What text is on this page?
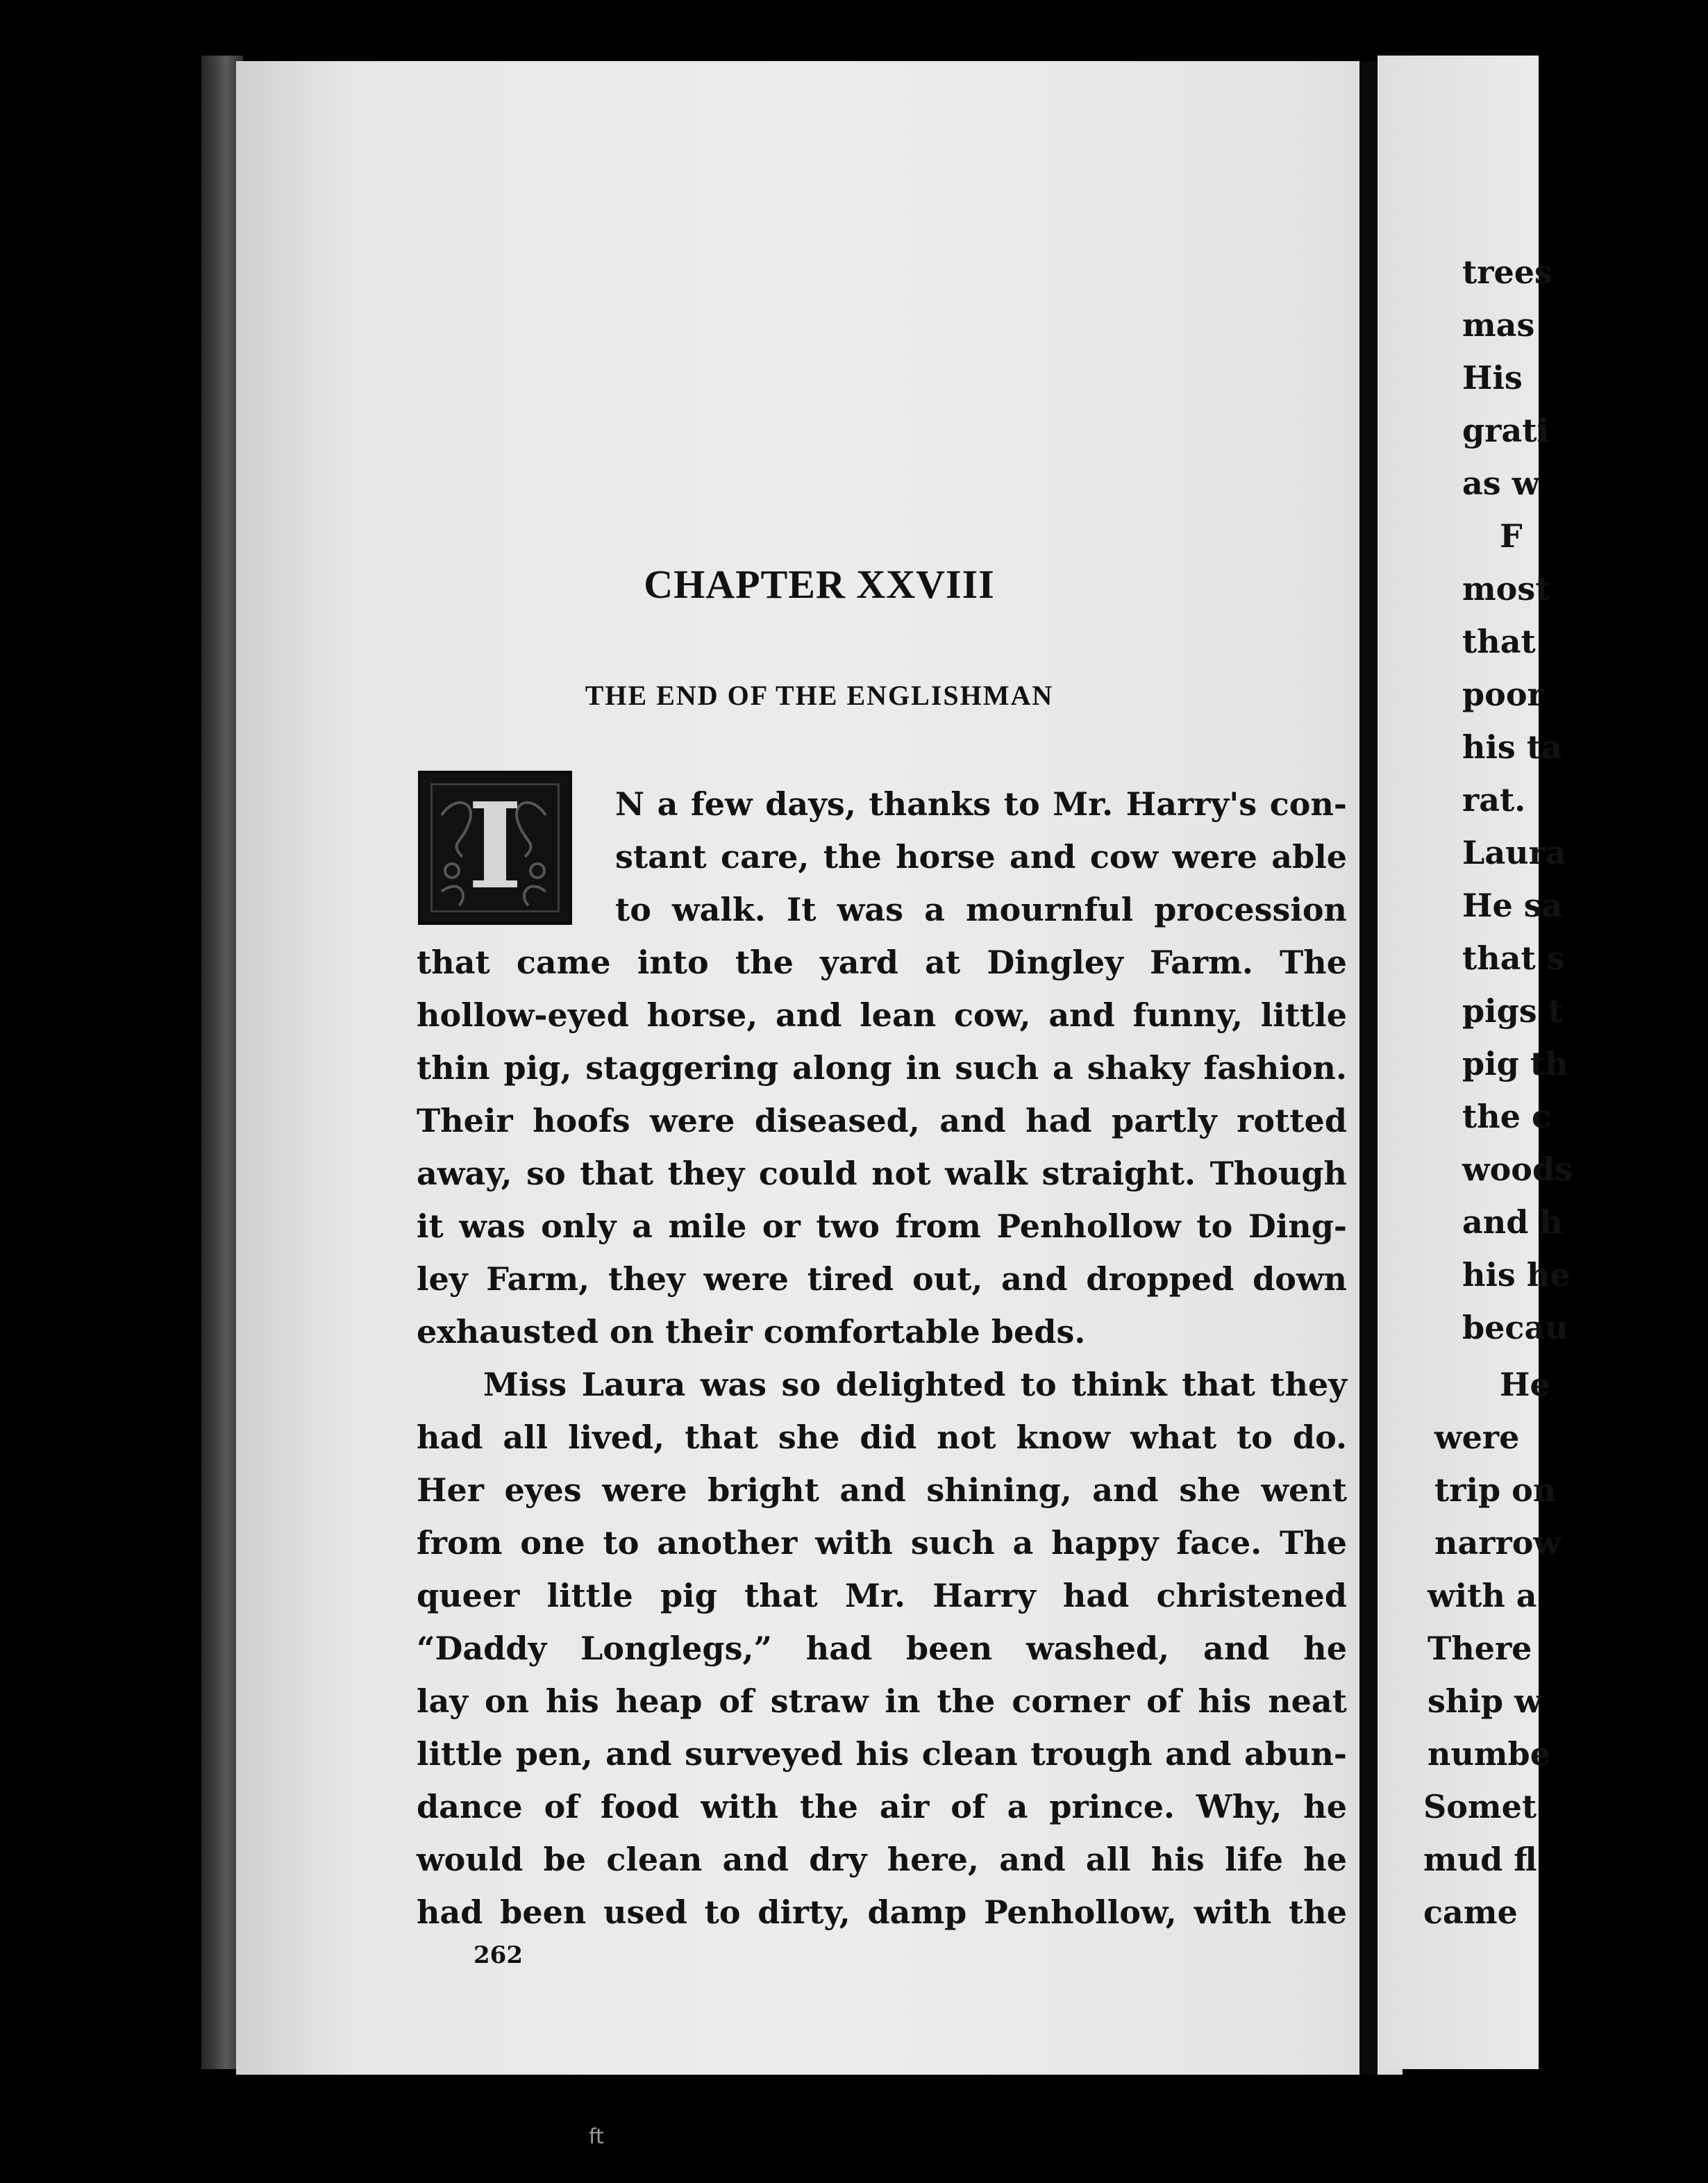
CHAPTER XXVIII
THE END OF THE ENGLISHMAN
I	N a few days, thanks to Mr. Harry's con-
stant care, the horse and cow were able
to walk. It was a mournful procession
that came into the yard at Dingley Farm. The
hollow-eyed horse, and lean cow, and funny, little
thin pig, staggering along in such a shaky fashion.
Their hoofs were diseased, and had partly rotted
away, so that they could not walk straight. Though
it was only a mile or two from Penhollow to Ding-
ley Farm, they were tired out, and dropped down
exhausted on their comfortable beds.
Miss Laura was so delighted to think that they
had all lived, that she did not know what to do.
Her eyes were bright and shining, and she went
from one to another with such a happy face. The
queer little pig that Mr. Harry had christened
“Daddy Longlegs,” had been washed, and he
lay on his heap of straw in the corner of his neat
little pen, and surveyed his clean trough and abun-
dance of food with the air of a prince. Why, he
would be clean and dry here, and all his life he
had been used to dirty, damp Penhollow, with the
262
trees
mas
His
grati
as w
F
most
that
poor
his ta
rat.
Laura
He sa
that s
pigs t
pig th
the c
woods
and h
his he
becau
He
were
trip on
narrow
with a
There
ship w
numbe
Somet
mud fl
came
ft
